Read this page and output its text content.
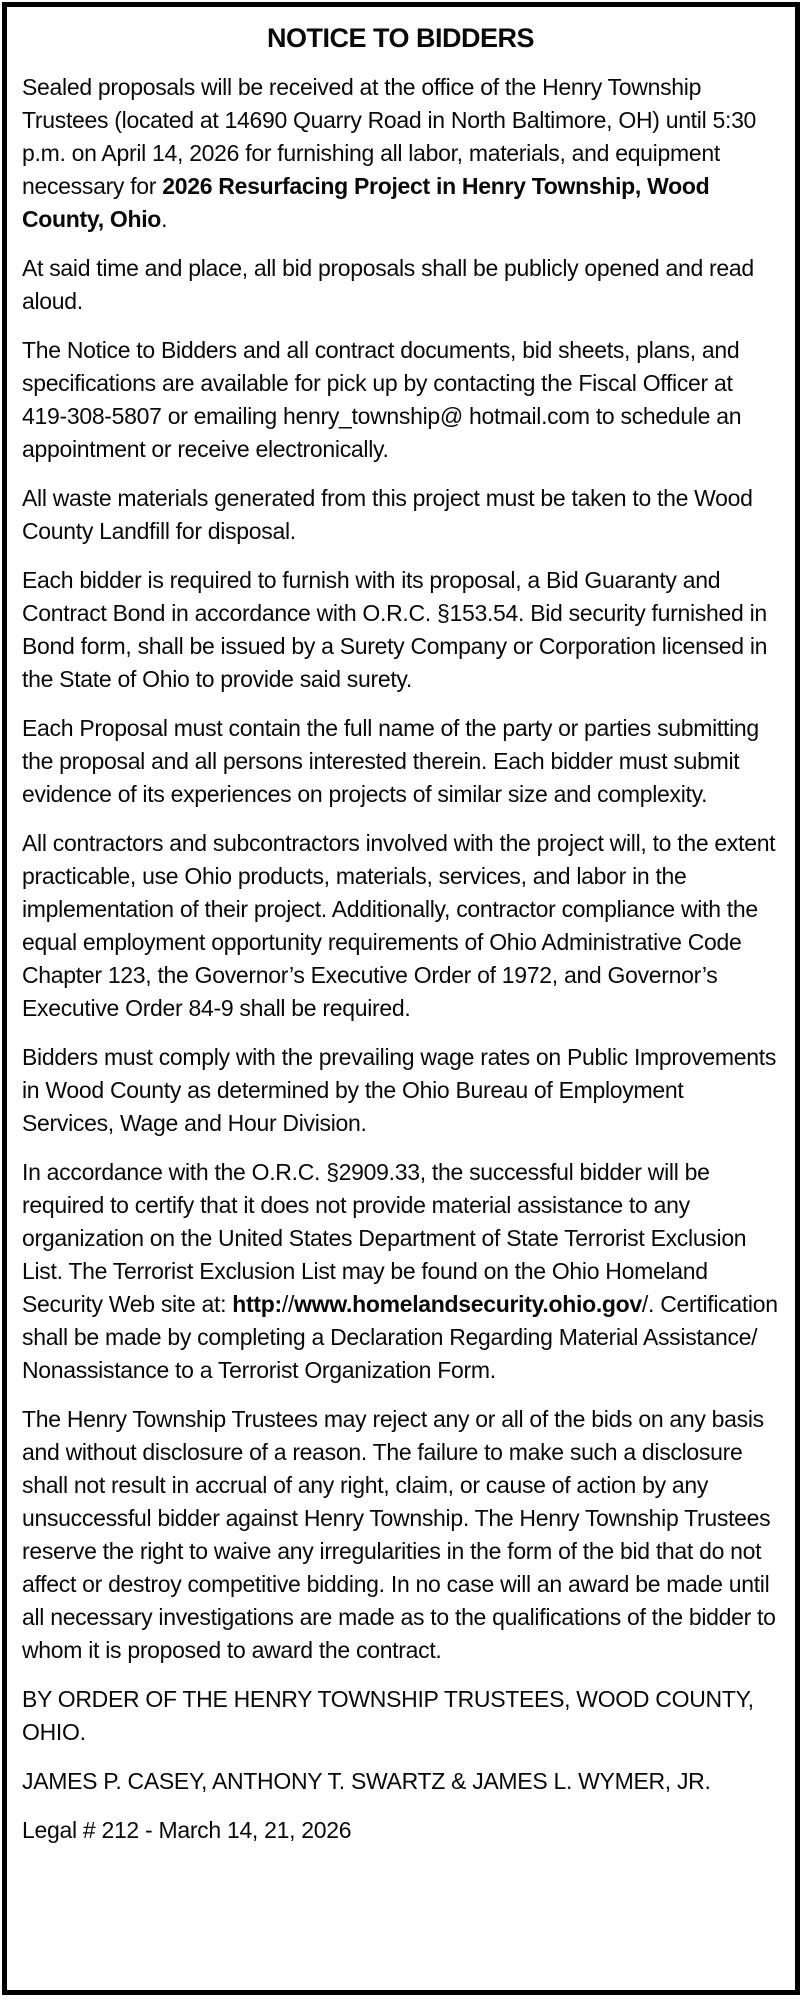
NOTICE TO BIDDERS

Sealed proposals will be received at the office of the Henry Township Trustees (located at 14690 Quarry Road in North Baltimore, OH) until 5:30 p.m. on April 14, 2026 for furnishing all labor, materials, and equipment necessary for 2026 Resurfacing Project in Henry Township, Wood County, Ohio.

At said time and place, all bid proposals shall be publicly opened and read aloud.

The Notice to Bidders and all contract documents, bid sheets, plans, and specifications are available for pick up by contacting the Fiscal Officer at 419-308-5807 or emailing henry_township@ hotmail.com to schedule an appointment or receive electronically.

All waste materials generated from this project must be taken to the Wood County Landfill for disposal.

Each bidder is required to furnish with its proposal, a Bid Guaranty and Contract Bond in accordance with O.R.C. §153.54. Bid security furnished in Bond form, shall be issued by a Surety Company or Corporation licensed in the State of Ohio to provide said surety.

Each Proposal must contain the full name of the party or parties submitting the proposal and all persons interested therein. Each bidder must submit evidence of its experiences on projects of similar size and complexity.

All contractors and subcontractors involved with the project will, to the extent practicable, use Ohio products, materials, services, and labor in the implementation of their project. Additionally, contractor compliance with the equal employment opportunity requirements of Ohio Administrative Code Chapter 123, the Governor’s Executive Order of 1972, and Governor’s Executive Order 84-9 shall be required.

Bidders must comply with the prevailing wage rates on Public Improvements in Wood County as determined by the Ohio Bureau of Employment Services, Wage and Hour Division.

In accordance with the O.R.C. §2909.33, the successful bidder will be required to certify that it does not provide material assistance to any organization on the United States Department of State Terrorist Exclusion List. The Terrorist Exclusion List may be found on the Ohio Homeland Security Web site at: http://www.homelandsecurity.ohio.gov/. Certification shall be made by completing a Declaration Regarding Material Assistance/ Nonassistance to a Terrorist Organization Form.

The Henry Township Trustees may reject any or all of the bids on any basis and without disclosure of a reason. The failure to make such a disclosure shall not result in accrual of any right, claim, or cause of action by any unsuccessful bidder against Henry Township. The Henry Township Trustees reserve the right to waive any irregularities in the form of the bid that do not affect or destroy competitive bidding. In no case will an award be made until all necessary investigations are made as to the qualifications of the bidder to whom it is proposed to award the contract.

BY ORDER OF THE HENRY TOWNSHIP TRUSTEES, WOOD COUNTY, OHIO.

JAMES P. CASEY, ANTHONY T. SWARTZ & JAMES L. WYMER, JR.

Legal # 212 - March 14, 21, 2026
